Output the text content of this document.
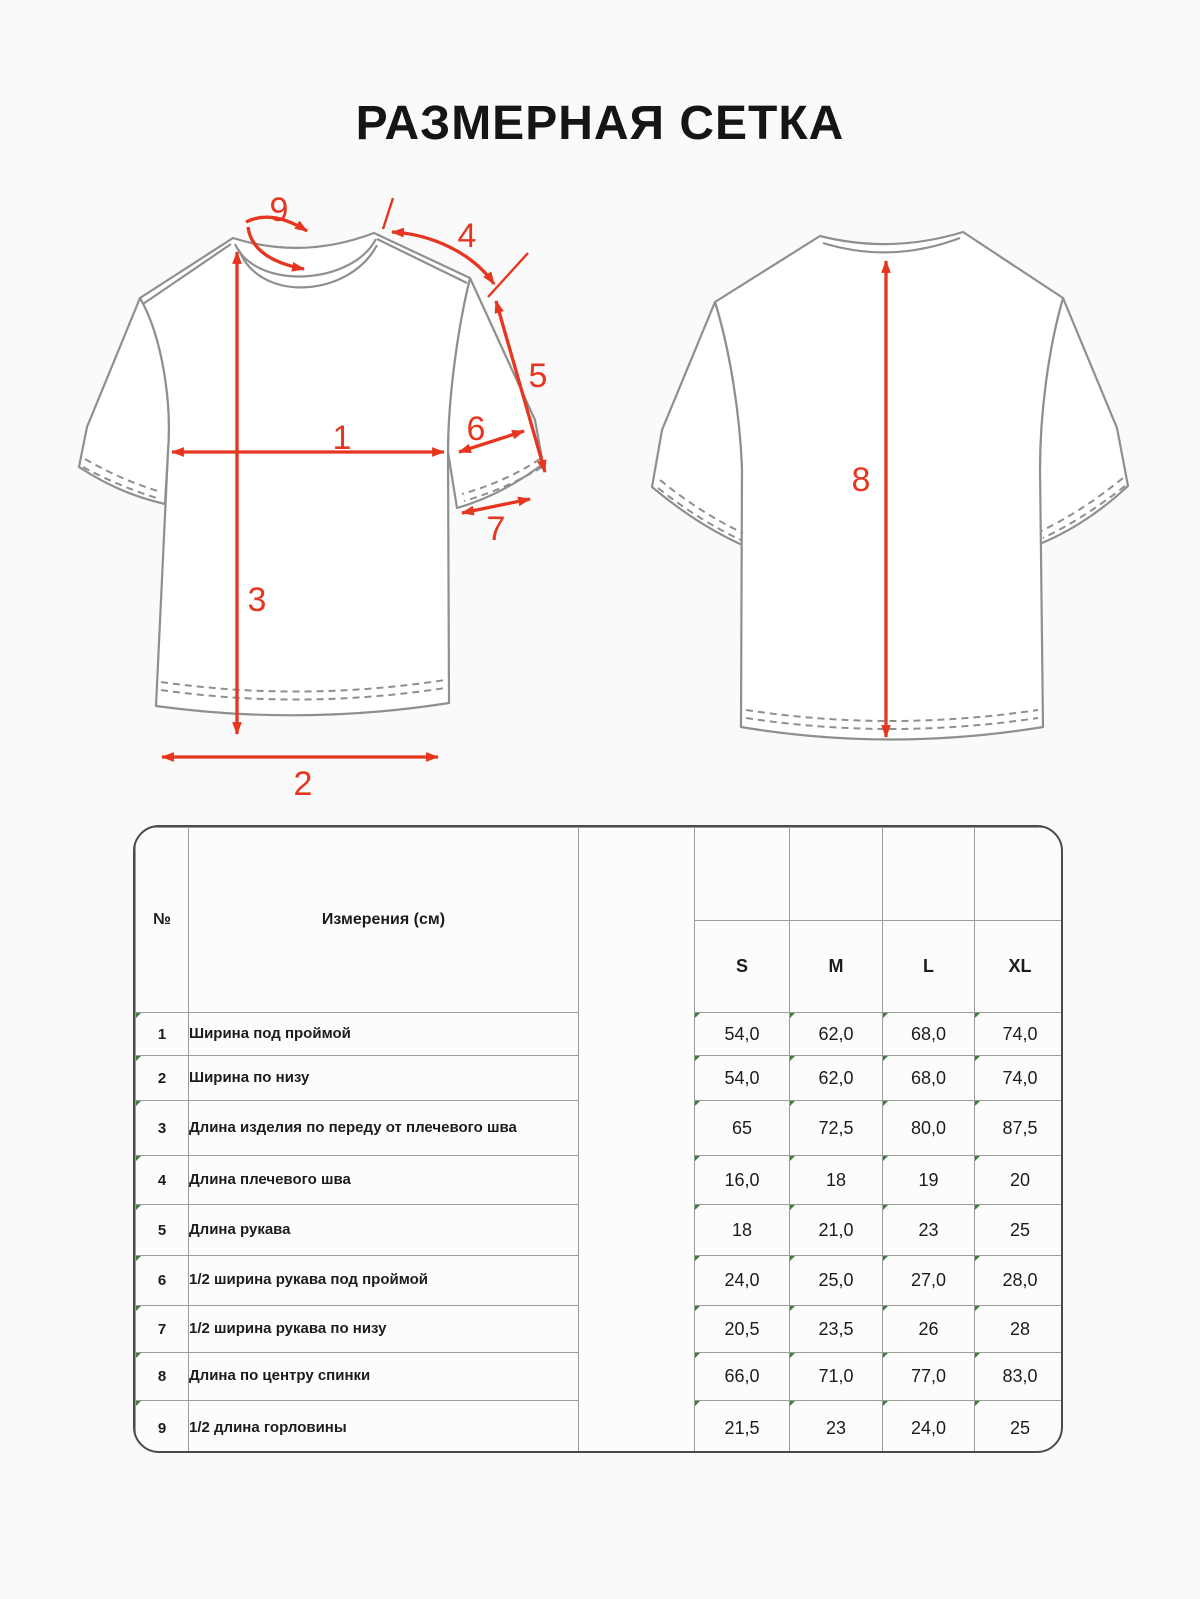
РАЗМЕРНАЯ СЕТКА
1
2
3
4
5
6
7
8
9
№	Измерения (см)					
			S	M	L	XL
1	Ширина под проймой		54,0	62,0	68,0	74,0
2	Ширина по низу		54,0	62,0	68,0	74,0
3	Длина изделия по переду от плечевого шва		65	72,5	80,0	87,5
4	Длина плечевого шва		16,0	18	19	20
5	Длина рукава		18	21,0	23	25
6	1/2 ширина рукава под проймой		24,0	25,0	27,0	28,0
7	1/2 ширина рукава по низу		20,5	23,5	26	28
8	Длина по центру спинки		66,0	71,0	77,0	83,0
9	1/2 длина горловины		21,5	23	24,0	25
